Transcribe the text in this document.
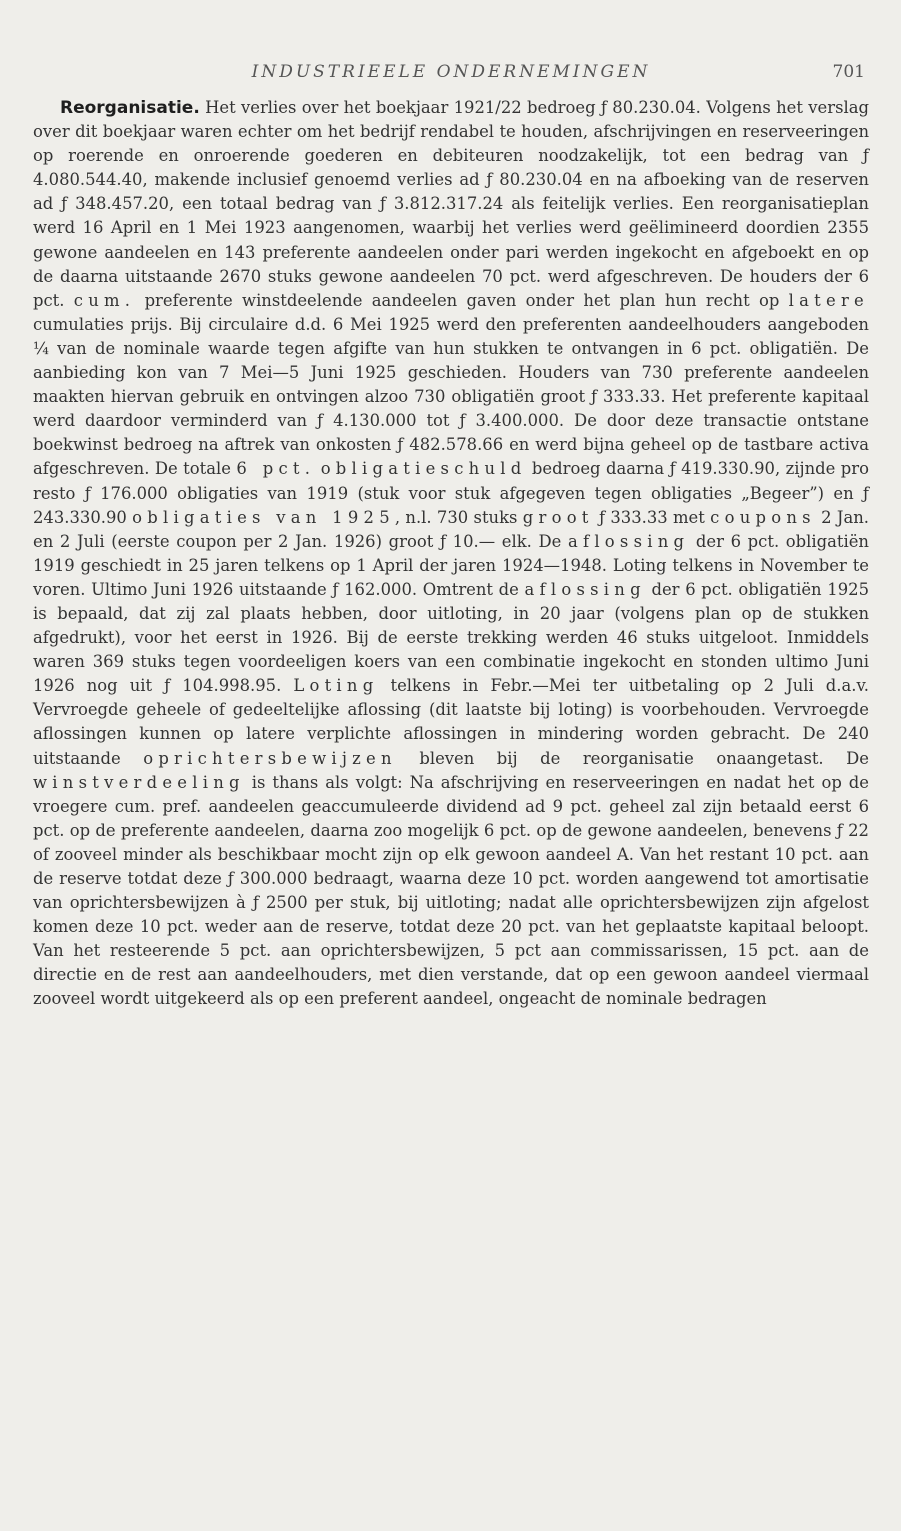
INDUSTRIEELE ONDERNEMINGEN	701

Reorganisatie. Het verlies over het boekjaar 1921/22 bedroeg ƒ 80.230.04. Volgens het verslag over dit boekjaar waren echter om het bedrijf rendabel te houden, afschrijvingen en reserveeringen op roerende en onroerende goederen en debiteuren noodzakelijk, tot een bedrag van ƒ 4.080.544.40, makende inclusief genoemd verlies ad ƒ 80.230.04 en na afboeking van de reserven ad ƒ 348.457.20, een totaal bedrag van ƒ 3.812.317.24 als feitelijk verlies. Een reorganisatieplan werd 16 April en 1 Mei 1923 aangenomen, waarbij het verlies werd geëlimineerd doordien 2355 gewone aandeelen en 143 preferente aandeelen onder pari werden ingekocht en afgeboekt en op de daarna uitstaande 2670 stuks gewone aandeelen 70 pct. werd afgeschreven. De houders der 6 pct. cum. preferente winstdeelende aandeelen gaven onder het plan hun recht op latere cumulaties prijs. Bij circulaire d.d. 6 Mei 1925 werd den preferenten aandeelhouders aangeboden ¼ van de nominale waarde tegen afgifte van hun stukken te ontvangen in 6 pct. obligatiën. De aanbieding kon van 7 Mei—5 Juni 1925 geschieden. Houders van 730 preferente aandeelen maakten hiervan gebruik en ontvingen alzoo 730 obligatiën groot ƒ 333.33. Het preferente kapitaal werd daardoor verminderd van ƒ 4.130.000 tot ƒ 3.400.000. De door deze transactie ontstane boekwinst bedroeg na aftrek van onkosten ƒ 482.578.66 en werd bijna geheel op de tastbare activa afgeschreven. De totale 6 pct. obligatieschuld bedroeg daarna ƒ 419.330.90, zijnde pro resto ƒ 176.000 obligaties van 1919 (stuk voor stuk afgegeven tegen obligaties „Begeer”) en ƒ 243.330.90 obligaties van 1925, n.l. 730 stuks groot ƒ 333.33 met coupons 2 Jan. en 2 Juli (eerste coupon per 2 Jan. 1926) groot ƒ 10.— elk. De aflossing der 6 pct. obligatiën 1919 geschiedt in 25 jaren telkens op 1 April der jaren 1924—1948. Loting telkens in November te voren. Ultimo Juni 1926 uitstaande ƒ 162.000. Omtrent de aflossing der 6 pct. obligatiën 1925 is bepaald, dat zij zal plaats hebben, door uitloting, in 20 jaar (volgens plan op de stukken afgedrukt), voor het eerst in 1926. Bij de eerste trekking werden 46 stuks uitgeloot. Inmiddels waren 369 stuks tegen voordeeligen koers van een combinatie ingekocht en stonden ultimo Juni 1926 nog uit ƒ 104.998.95. Loting telkens in Febr.—Mei ter uitbetaling op 2 Juli d.a.v. Vervroegde geheele of gedeeltelijke aflossing (dit laatste bij loting) is voorbehouden. Vervroegde aflossingen kunnen op latere verplichte aflossingen in mindering worden gebracht. De 240 uitstaande oprichtersbewijzen bleven bij de reorganisatie onaangetast. De winstverdeeling is thans als volgt: Na afschrijving en reserveeringen en nadat het op de vroegere cum. pref. aandeelen geaccumuleerde dividend ad 9 pct. geheel zal zijn betaald eerst 6 pct. op de preferente aandeelen, daarna zoo mogelijk 6 pct. op de gewone aandeelen, benevens ƒ 22 of zooveel minder als beschikbaar mocht zijn op elk gewoon aandeel A. Van het restant 10 pct. aan de reserve totdat deze ƒ 300.000 bedraagt, waarna deze 10 pct. worden aangewend tot amortisatie van oprichtersbewijzen à ƒ 2500 per stuk, bij uitloting; nadat alle oprichtersbewijzen zijn afgelost komen deze 10 pct. weder aan de reserve, totdat deze 20 pct. van het geplaatste kapitaal beloopt. Van het resteerende 5 pct. aan oprichtersbewijzen, 5 pct aan commissarissen, 15 pct. aan de directie en de rest aan aandeelhouders, met dien verstande, dat op een gewoon aandeel viermaal zooveel wordt uitgekeerd als op een preferent aandeel, ongeacht de nominale bedragen
